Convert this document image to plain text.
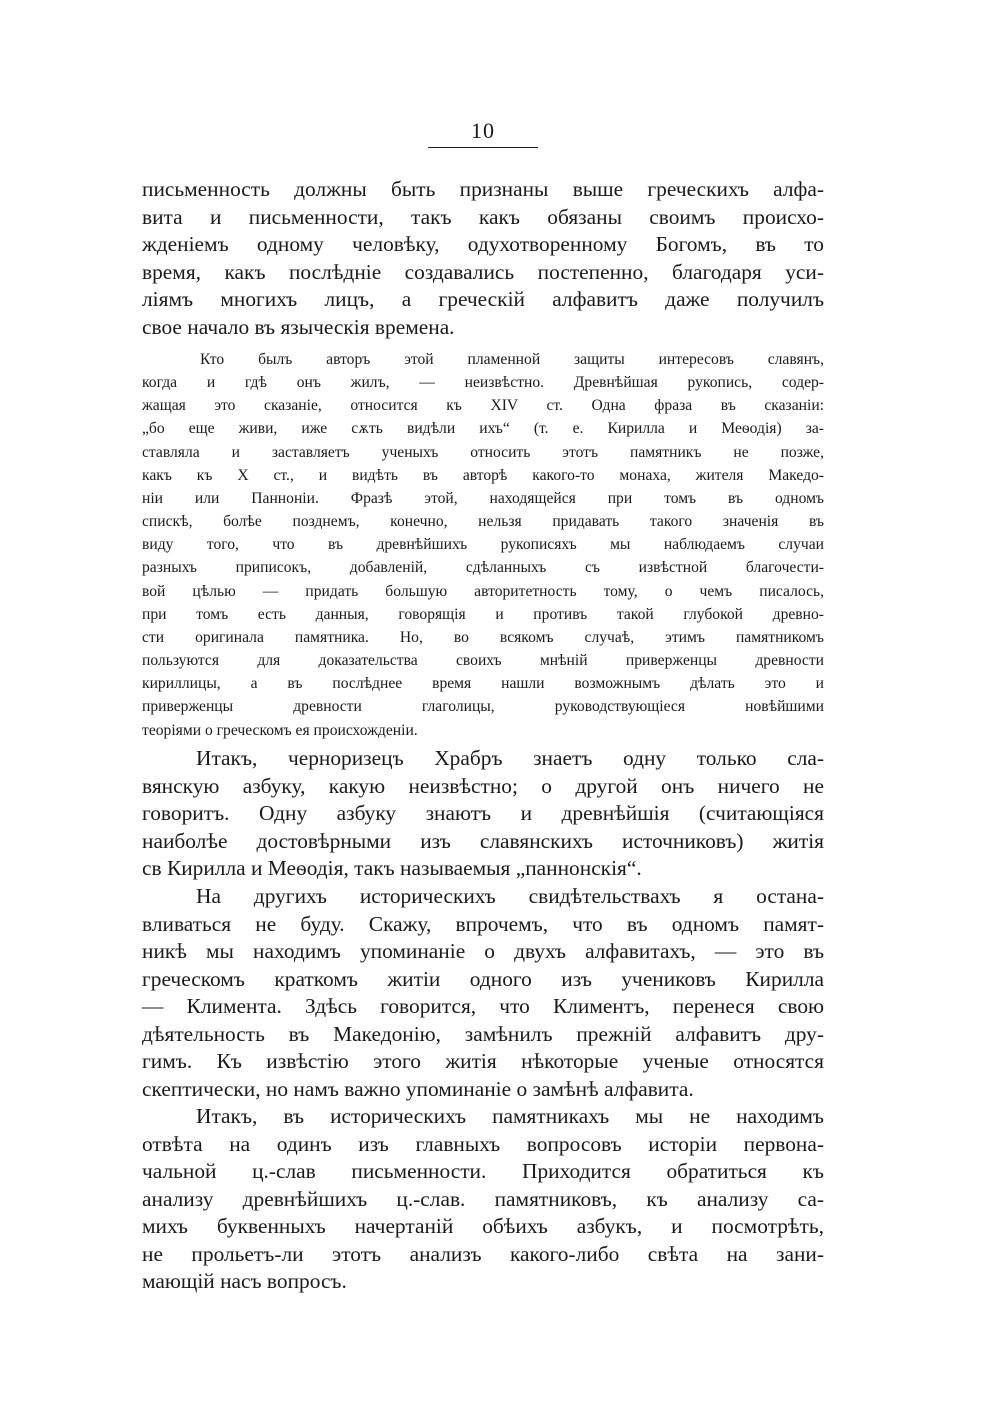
10
письменность должны быть признаны выше греческихъ алфа-
вита и письменности, такъ какъ обязаны своимъ происхо-
жденіемъ одному человѣку, одухотворенному Богомъ, въ то
время, какъ послѣдніе создавались постепенно, благодаря уси-
ліямъ многихъ лицъ, а греческій алфавитъ даже получилъ
свое начало въ языческія времена.
Кто былъ авторъ этой пламенной защиты интересовъ славянъ,
когда и гдѣ онъ жилъ, — неизвѣстно. Древнѣйшая рукопись, содер-
жащая это сказаніе, относится къ XIV ст. Одна фраза въ сказаніи:
„бо еще живи, иже сѫть видѣли ихъ“ (т. е. Кирилла и Меѳодія) за-
ставляла и заставляетъ ученыхъ относить этотъ памятникъ не позже,
какъ къ X ст., и видѣть въ авторѣ какого-то монаха, жителя Македо-
ніи или Панноніи. Фразѣ этой, находящейся при томъ въ одномъ
спискѣ, болѣе позднемъ, конечно, нельзя придавать такого значенія въ
виду того, что въ древнѣйшихъ рукописяхъ мы наблюдаемъ случаи
разныхъ приписокъ, добавленій, сдѣланныхъ съ извѣстной благочести-
вой цѣлью — придать большую авторитетность тому, о чемъ писалось,
при томъ есть данныя, говорящія и противъ такой глубокой древно-
сти оригинала памятника. Но, во всякомъ случаѣ, этимъ памятникомъ
пользуются для доказательства своихъ мнѣній приверженцы древности
кириллицы, а въ послѣднее время нашли возможнымъ дѣлать это и
приверженцы древности глаголицы, руководствующіеся новѣйшими
теоріями о греческомъ ея происхожденіи.
Итакъ, черноризецъ Храбръ знаетъ одну только сла-
вянскую азбуку, какую неизвѣстно; о другой онъ ничего не
говоритъ. Одну азбуку знаютъ и древнѣйшія (считающіяся
наиболѣе достовѣрными изъ славянскихъ источниковъ) житія
св Кирилла и Меѳодія, такъ называемыя „паннонскія“.
На другихъ историческихъ свидѣтельствахъ я остана-
вливаться не буду. Скажу, впрочемъ, что въ одномъ памят-
никѣ мы находимъ упоминаніе о двухъ алфавитахъ, — это въ
греческомъ краткомъ житіи одного изъ учениковъ Кирилла
— Климента. Здѣсь говорится, что Климентъ, перенеся свою
дѣятельность въ Македонію, замѣнилъ прежній алфавитъ дру-
гимъ. Къ извѣстію этого житія нѣкоторые ученые относятся
скептически, но намъ важно упоминаніе о замѣнѣ алфавита.
Итакъ, въ историческихъ памятникахъ мы не находимъ
отвѣта на одинъ изъ главныхъ вопросовъ исторіи первона-
чальной ц.-слав письменности. Приходится обратиться къ
анализу древнѣйшихъ ц.-слав. памятниковъ, къ анализу са-
михъ буквенныхъ начертаній обѣихъ азбукъ, и посмотрѣть,
не прольетъ-ли этотъ анализъ какого-либо свѣта на зани-
мающій насъ вопросъ.
